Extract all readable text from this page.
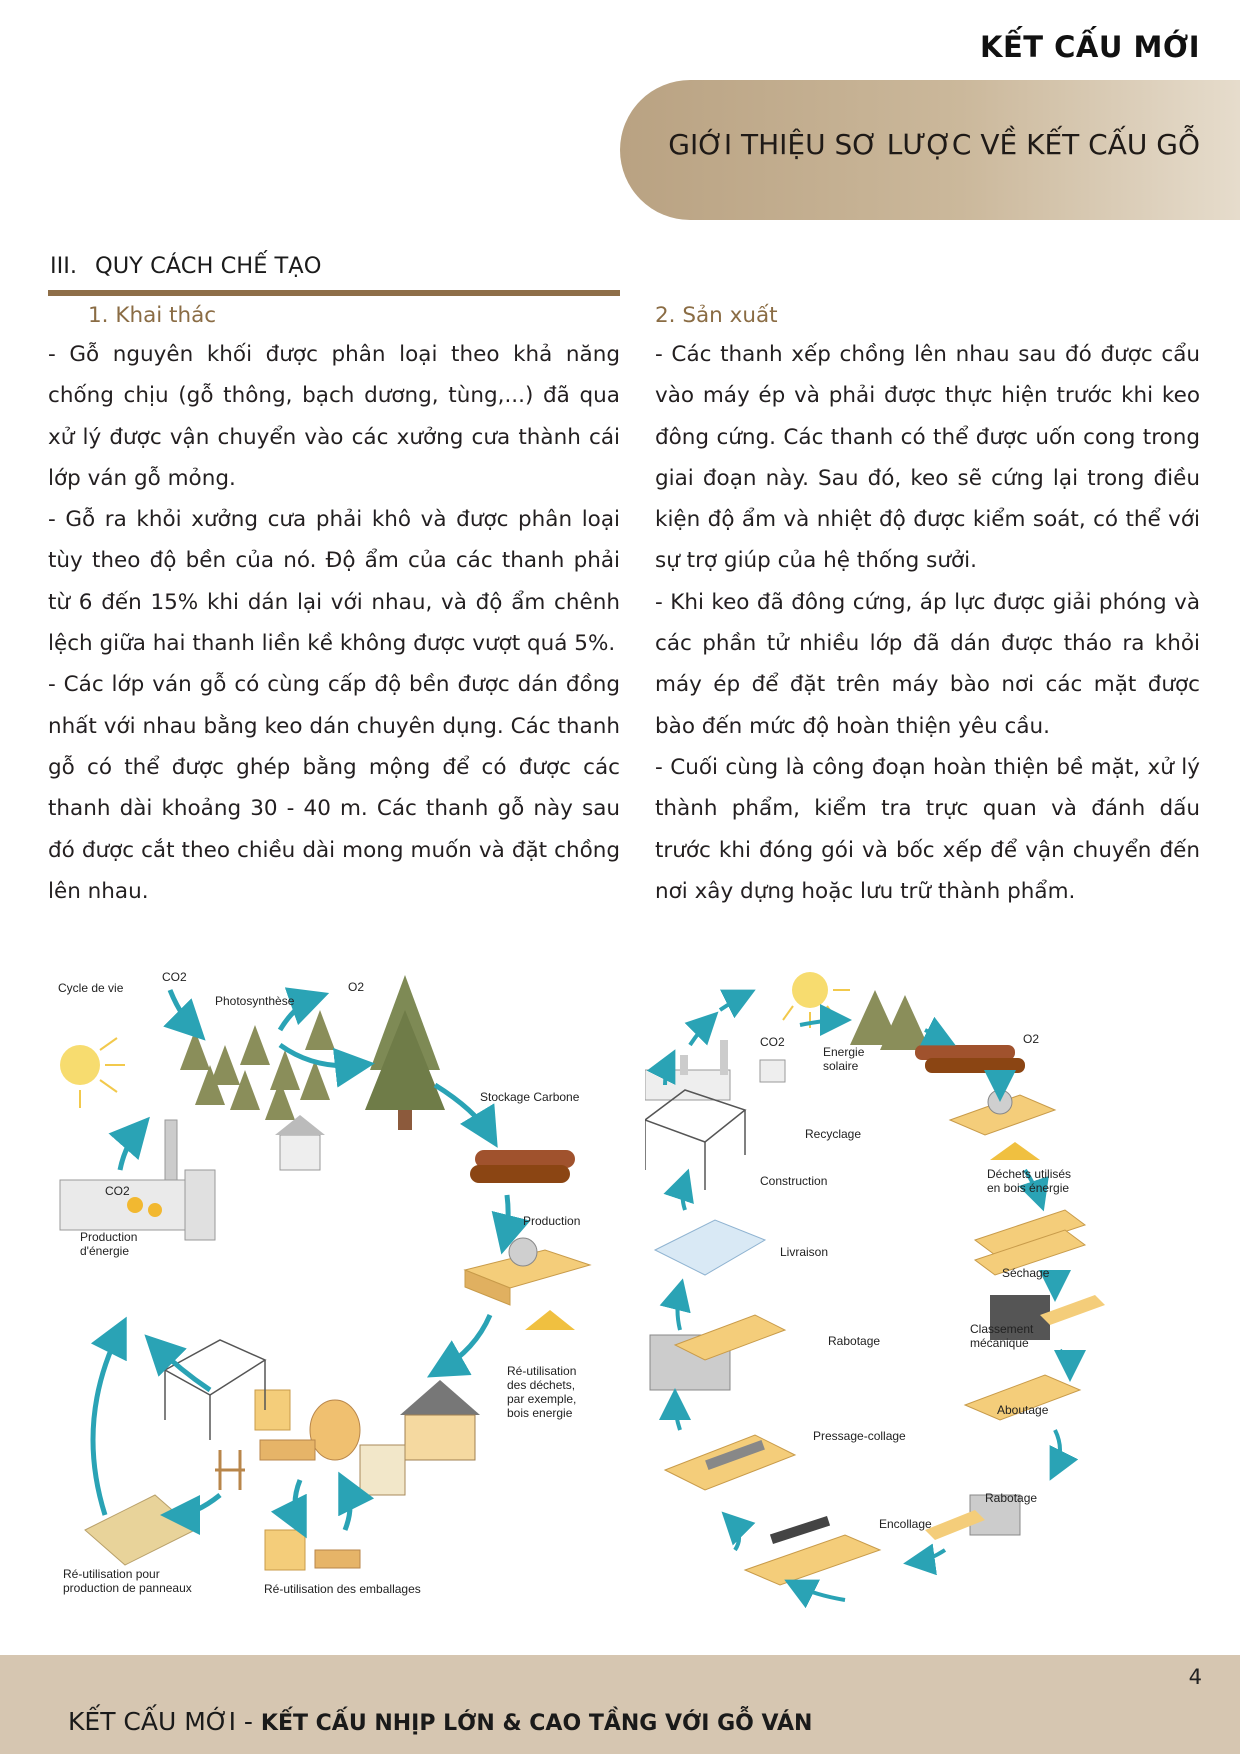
KẾT CẤU MỚI
GIỚI THIỆU SƠ LƯỢC VỀ KẾT CẤU GỖ
III. QUY CÁCH CHẾ TẠO

1. Khai thác

- Gỗ nguyên khối được phân loại theo khả năng chống chịu (gỗ thông, bạch dương, tùng,...) đã qua xử lý được vận chuyển vào các xưởng cưa thành cái lớp ván gỗ mỏng.

- Gỗ ra khỏi xưởng cưa phải khô và được phân loại tùy theo độ bền của nó. Độ ẩm của các thanh phải từ 6 đến 15% khi dán lại với nhau, và độ ẩm chênh lệch giữa hai thanh liền kề không được vượt quá 5%.

- Các lớp ván gỗ có cùng cấp độ bền được dán đồng nhất với nhau bằng keo dán chuyên dụng. Các thanh gỗ có thể được ghép bằng mộng để có được các thanh dài khoảng 30 - 40 m. Các thanh gỗ này sau đó được cắt theo chiều dài mong muốn và đặt chồng lên nhau.

2. Sản xuất

- Các thanh xếp chồng lên nhau sau đó được cẩu vào máy ép và phải được thực hiện trước khi keo đông cứng. Các thanh có thể được uốn cong trong giai đoạn này. Sau đó, keo sẽ cứng lại trong điều kiện độ ẩm và nhiệt độ được kiểm soát, có thể với sự trợ giúp của hệ thống sưởi.

- Khi keo đã đông cứng, áp lực được giải phóng và các phần tử nhiều lớp đã dán được tháo ra khỏi máy ép để đặt trên máy bào nơi các mặt được bào đến mức độ hoàn thiện yêu cầu.

- Cuối cùng là công đoạn hoàn thiện bề mặt, xử lý thành phẩm, kiểm tra trực quan và đánh dấu trước khi đóng gói và bốc xếp để vận chuyển đến nơi xây dựng hoặc lưu trữ thành phẩm.

Cycle de vie
CO2
Photosynthèse
O2
Stockage Carbone
Production
Ré-utilisation
des déchets,
par exemple,
bois energie
CO2
Production
d'énergie
Ré-utilisation pour
production de panneaux	Ré-utilisation des emballages
CO2
Energie
solaire
O2
Recyclage
Construction	Déchets utilisés
en bois énergie
Livraison
Séchage
Rabotage
Classement
mécanique
Aboutage
Pressage-collage
Rabotage
Encollage
4
KẾT CẤU MỚI - KẾT CẤU NHỊP LỚN & CAO TẦNG VỚI GỖ VÁN
